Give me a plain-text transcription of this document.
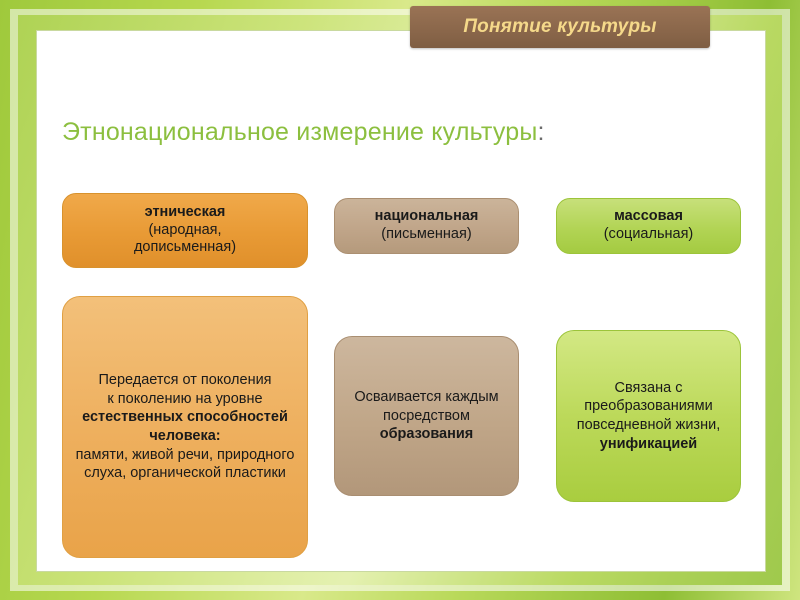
Понятие культуры
Этнонациональное измерение культуры:
этническая
(народная,
дописьменная)
национальная
(письменная)
массовая
(социальная)
Передается от поколения
к поколению на уровне
естественных способностей человека:
памяти, живой речи, природного слуха, органической пластики
Осваивается каждым посредством
образования
Связана с
преобразованиями
повседневной жизни,
унификацией
